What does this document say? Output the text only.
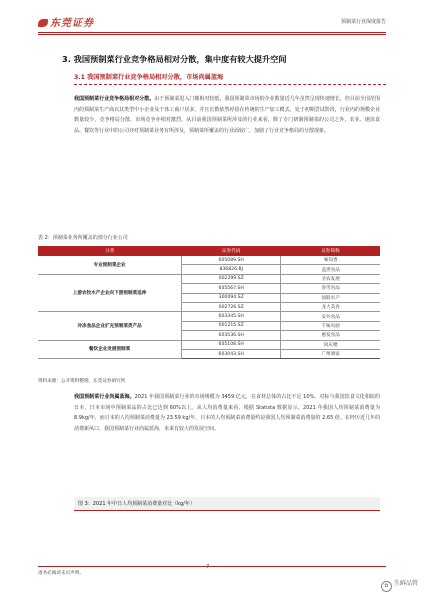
东莞证券	预制菜行业深度报告
3. 我国预制菜行业竞争格局相对分散，集中度有较大提升空间
3.1 我国预制菜行业竞争格局相对分散，市场尚属蓝海
我国预制菜行业竞争格局相对分散。由于预制菜进入门槛相对较低，我国预制菜市场的企业数量近几年虽然呈现快速增长，但目前全国范围内的预制菜生产商以其类型中小企业及个体工商户居多，并且长数依然停留在传统的生产加工模式，处于初期尝试阶段，行业内的规模企业数量较少，竞争格局分散。市场竞争亦相对激烈。从目前我国预制菜所涉及的行业来看，除了专门研制预制菜的公司之外，农业、速冻食品、餐饮等行业中的公司亦对预制菜业务有所涉及，预制菜所覆盖的行业面较广，加剧了行业竞争格局的分散现象。
表 2：预制菜业务所覆盖的部分行业公司
分类	证券代码	证券简称
专业预制菜企业	605089.SH	味知香
	836826.BJ	盖世食品
上游农牧水产企业向下游预制菜延伸	002299.SZ	圣农发展
	605567.SH	春雪食品
	300094.SZ	国联水产
	002726.SZ	龙大美食
冷冻食品企业扩充预制菜类产品	603345.SH	安井食品
	001215.SZ	千味央厨
	603536.SH	惠发食品
餐饮企业发展预制菜	605108.SH	同庆楼
	603043.SH	广州酒家
资料来源：公开资料整理，东莞证券研究所
我国预制菜行业尚属蓝海。2021 年我国预制菜行业的市场规模为 3459 亿元，在食材总体的占比不足 10%。对标与我国饮食文化相似的日本，日本市场中预制菜品的占比已达到 60%以上。从人均消费量来看，根据 Statista 数据显示，2021 年我国人均预制菜消费量为 8.9kg/年，而日本的人均预制菜消费量为 23.59 kg/年，日本的人均预制菜消费量约是我国人均预制菜消费量的 2.65 倍。在经历近几年的消费新风口，我国预制菜行业尚属蓝海，未来有较大的发展空间。
图 3：2021 年中日人均预制菜消费量对比（kg/年）
请务必阅读末页声明。
7
✿ 生鲜品管
